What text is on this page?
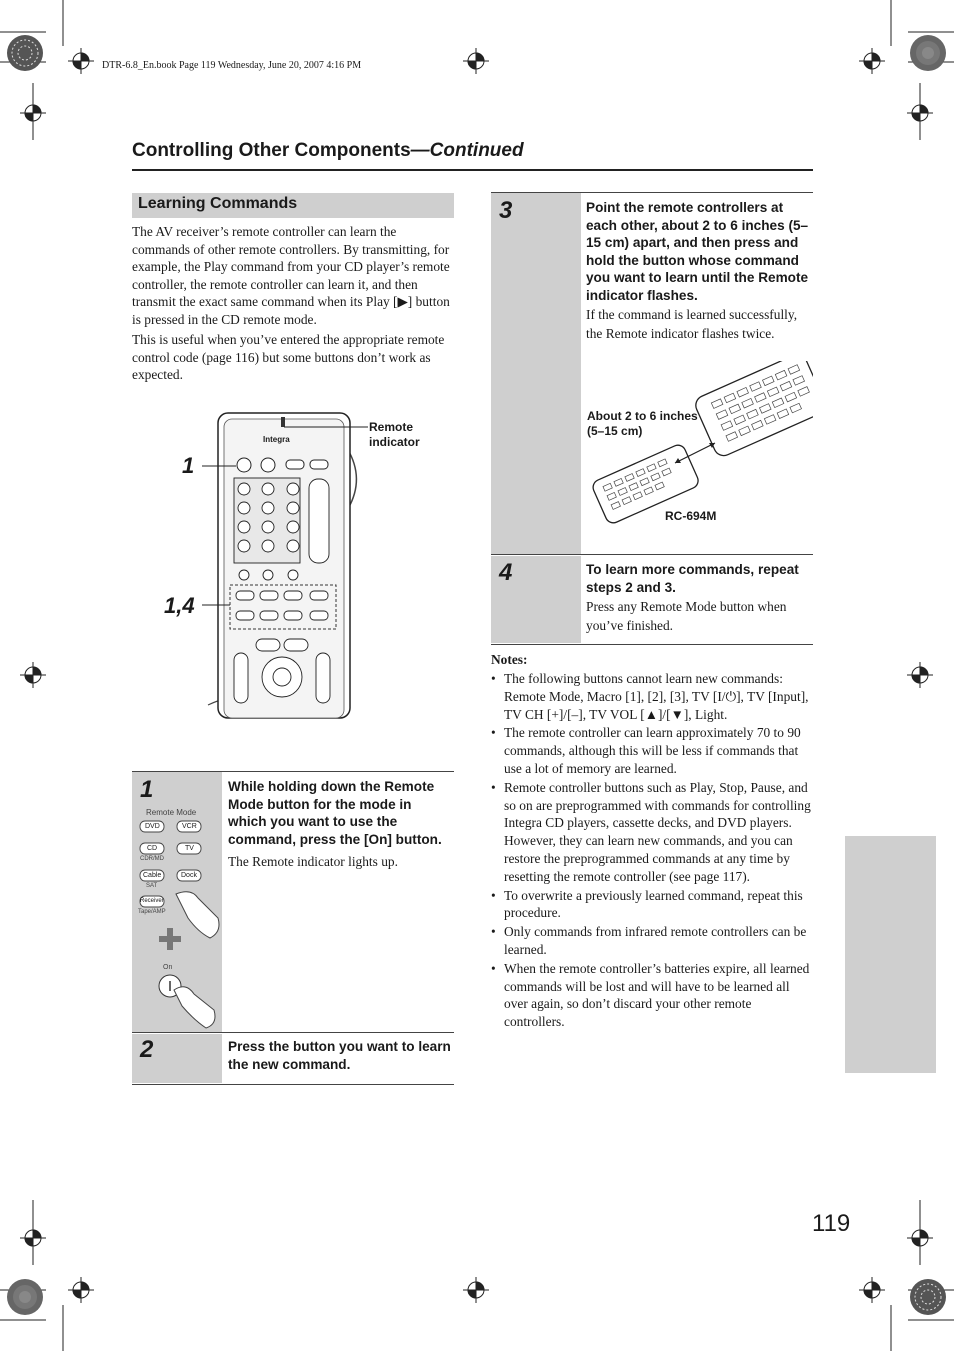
DTR-6.8_En.book Page 119 Wednesday, June 20, 2007 4:16 PM
Controlling Other Components—Continued
Learning Commands
The AV receiver’s remote controller can learn the commands of other remote controllers. By transmitting, for example, the Play command from your CD player’s remote controller, the remote controller can learn it, and then transmit the exact same command when its Play [▶] button is pressed in the CD remote mode.
This is useful when you’ve entered the appropriate remote control code (page 116) but some buttons don’t work as expected.
1
1,4
Remote indicator
Integra
1	While holding down the Remote Mode button for the mode in which you want to use the command, press the [On] button.
The Remote indicator lights up.
Remote Mode
DVD	VCR
CD	TV
CDR/MD
Cable	Dock
SAT
Receiver
Tape/AMP
On
2	Press the button you want to learn the new command.
3	Point the remote controllers at each other, about 2 to 6 inches (5–15 cm) apart, and then press and hold the button whose command you want to learn until the Remote indicator flashes.
If the command is learned successfully, the Remote indicator flashes twice.
About 2 to 6 inches (5–15 cm)
RC-694M
4	To learn more commands, repeat steps 2 and 3.
Press any Remote Mode button when you’ve finished.
Notes:
• The following buttons cannot learn new commands: Remote Mode, Macro [1], [2], [3], TV [I/⏻], TV [Input], TV CH [+]/[–], TV VOL [▲]/[▼], Light.
• The remote controller can learn approximately 70 to 90 commands, although this will be less if commands that use a lot of memory are learned.
• Remote controller buttons such as Play, Stop, Pause, and so on are preprogrammed with commands for controlling Integra CD players, cassette decks, and DVD players. However, they can learn new commands, and you can restore the preprogrammed commands at any time by resetting the remote controller (see page 117).
• To overwrite a previously learned command, repeat this procedure.
• Only commands from infrared remote controllers can be learned.
• When the remote controller’s batteries expire, all learned commands will be lost and will have to be learned all over again, so don’t discard your other remote controllers.
119
